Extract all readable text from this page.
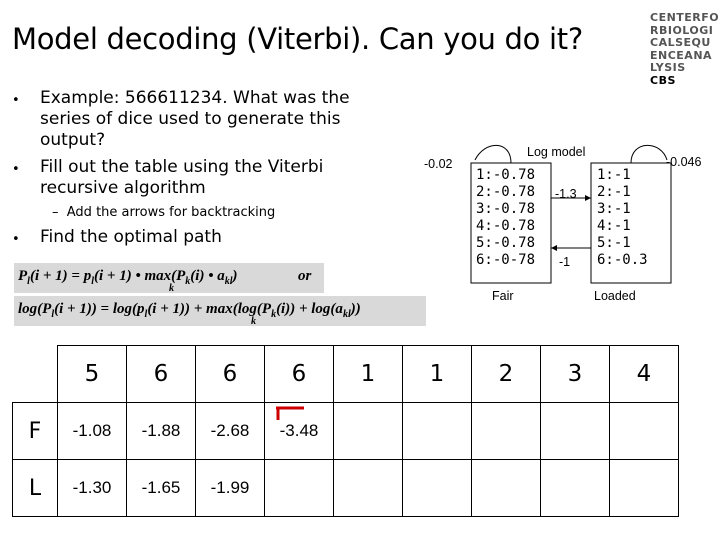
Model decoding (Viterbi). Can you do it?
CENTERFO
RBIOLOGI
CALSEQU
ENCEANA
LYSIS CBS
• Example: 566611234. What was the
series of dice used to generate this
output?
• Fill out the table using the Viterbi
recursive algorithm
–  Add the arrows for backtracking
• Find the optimal path
$P_l(i + 1) = p_l(i + 1)$ • $\max(P_k(i)$ • $a_{kl}$)
k
or
$\log(P_l(i + 1)) = \log(p_l(i + 1)) + \max(\log(P_k(i)) + \log(a_{kl}))$
k
Log model
-0.02	-0.046
-1.3
-1
1:-0.78
2:-0.78
3:-0.78
4:-0.78
5:-0.78
6:-0-78
1:-1
2:-1
3:-1
4:-1
5:-1
6:-0.3
Fair	Loaded
	5	6	6	6	1	1	2	3	4
F	-1.08	-1.88	-2.68	-3.48					
L	-1.30	-1.65	-1.99						
